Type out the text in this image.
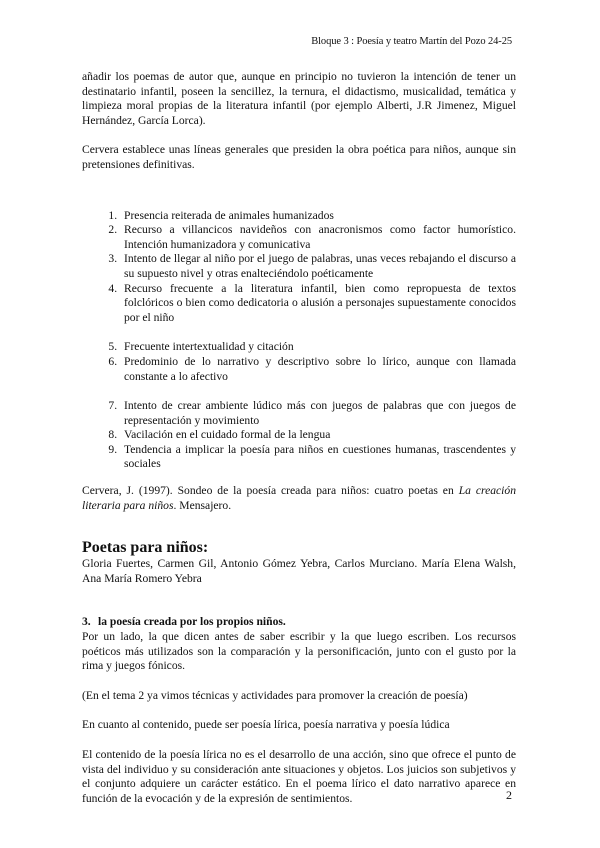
Bloque 3 : Poesía y teatro Martín del Pozo 24-25

añadir los poemas de autor que, aunque en principio no tuvieron la intención de tener un destinatario infantil, poseen la sencillez, la ternura, el didactismo, musicalidad, temática y limpieza moral propias de la literatura infantil (por ejemplo Alberti, J.R Jimenez, Miguel Hernández, García Lorca).

Cervera establece unas líneas generales que presiden la obra poética para niños, aunque sin pretensiones definitivas.

1. Presencia reiterada de animales humanizados
2. Recurso a villancicos navideños con anacronismos como factor humorístico. Intención humanizadora y comunicativa
3. Intento de llegar al niño por el juego de palabras, unas veces rebajando el discurso a su supuesto nivel y otras enalteciéndolo poéticamente
4. Recurso frecuente a la literatura infantil, bien como repropuesta de textos folclóricos o bien como dedicatoria o alusión a personajes supuestamente conocidos por el niño
5. Frecuente intertextualidad y citación
6. Predominio de lo narrativo y descriptivo sobre lo lírico, aunque con llamada constante a lo afectivo
7. Intento de crear ambiente lúdico más con juegos de palabras que con juegos de representación y movimiento
8. Vacilación en el cuidado formal de la lengua
9. Tendencia a implicar la poesía para niños en cuestiones humanas, trascendentes y sociales

Cervera, J. (1997). Sondeo de la poesía creada para niños: cuatro poetas en La creación literaria para niños. Mensajero.

Poetas para niños:

Gloria Fuertes, Carmen Gil, Antonio Gómez Yebra, Carlos Murciano. María Elena Walsh, Ana María Romero Yebra

3. la poesía creada por los propios niños.

Por un lado, la que dicen antes de saber escribir y la que luego escriben. Los recursos poéticos más utilizados son la comparación y la personificación, junto con el gusto por la rima y juegos fónicos.

(En el tema 2 ya vimos técnicas y actividades para promover la creación de poesía)

En cuanto al contenido, puede ser poesía lírica, poesía narrativa y poesía lúdica

El contenido de la poesía lírica no es el desarrollo de una acción, sino que ofrece el punto de vista del individuo y su consideración ante situaciones y objetos. Los juicios son subjetivos y el conjunto adquiere un carácter estático. En el poema lírico el dato narrativo aparece en función de la evocación y de la expresión de sentimientos.	2
